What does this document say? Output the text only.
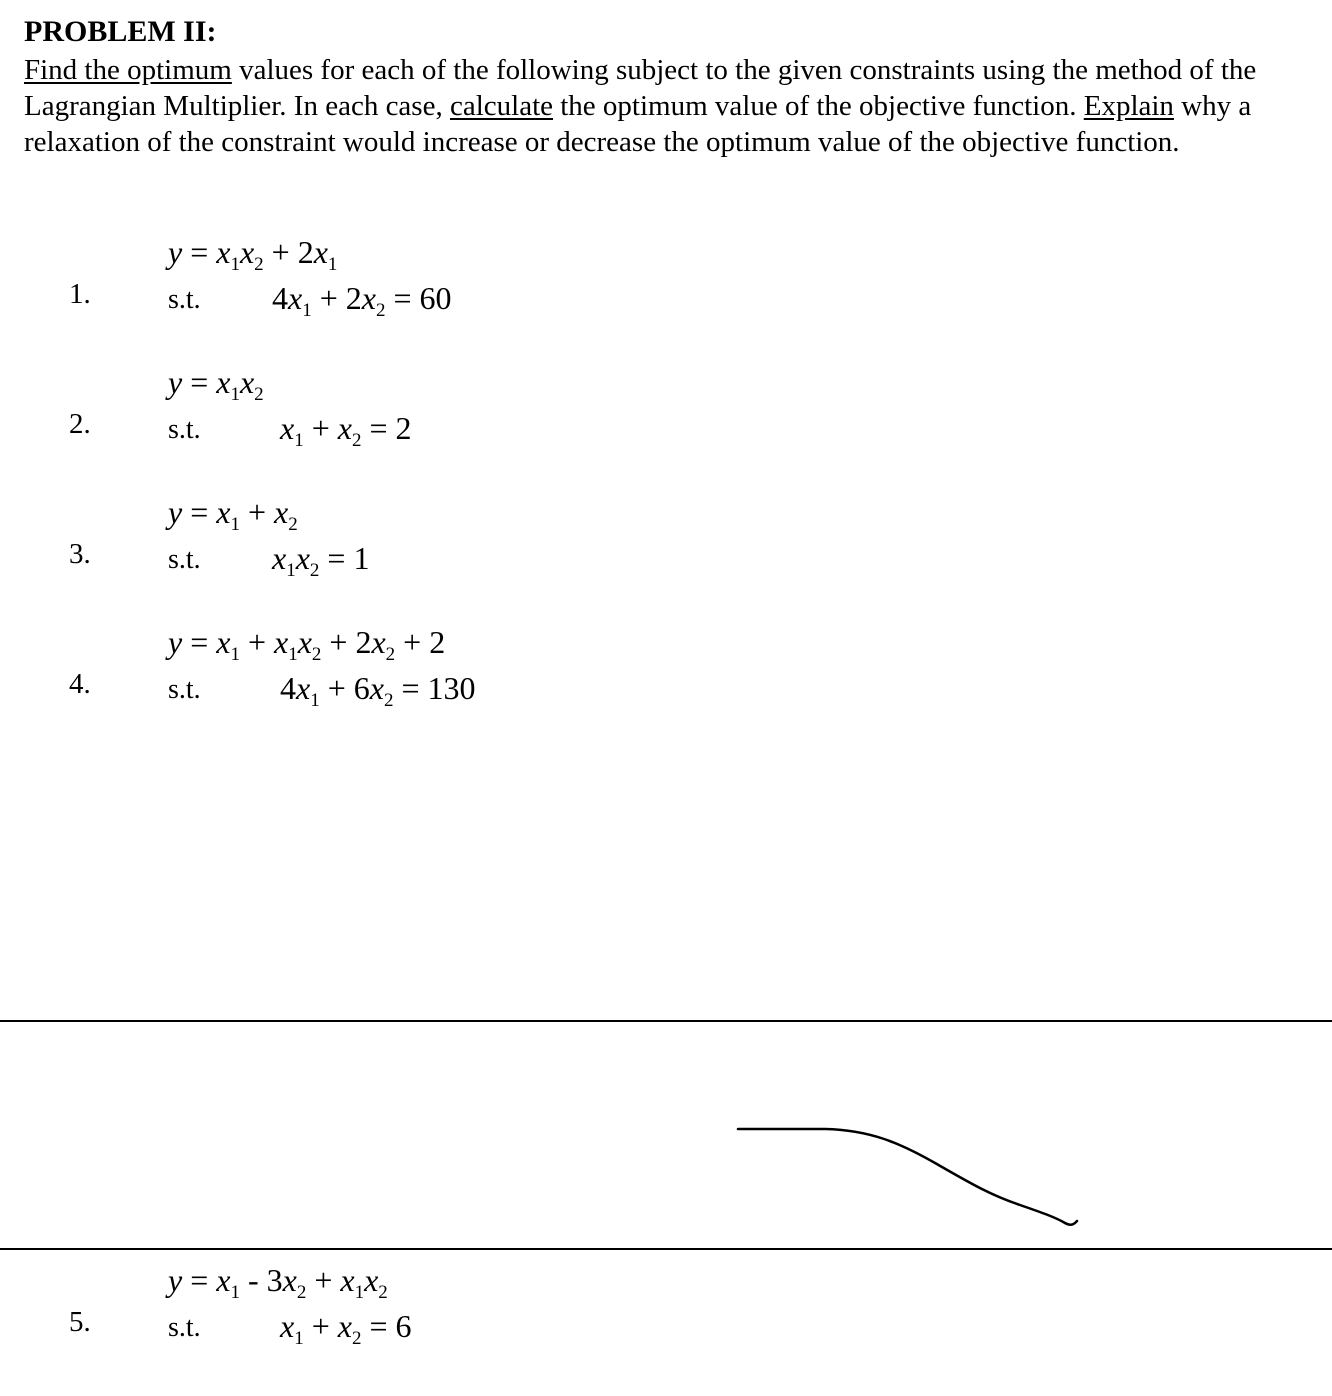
PROBLEM II:

Find the optimum values for each of the following subject to the given constraints using the method of the Lagrangian Multiplier. In each case, calculate the optimum value of the objective function. Explain why a relaxation of the constraint would increase or decrease the optimum value of the objective function.

1.
$y = x_1x_2 + 2x_1$
s.t. $4x_1 + 2x_2 = 60$
2.
$y = x_1x_2$
s.t. $x_1 + x_2 = 2$
3.
$y = x_1 + x_2$
s.t. $x_1x_2 = 1$
4.
$y = x_1 + x_1x_2 + 2x_2 + 2$
s.t. $4x_1 + 6x_2 = 130$
5.
$y = x_1 - 3x_2 + x_1x_2$
s.t. $x_1 + x_2 = 6$
